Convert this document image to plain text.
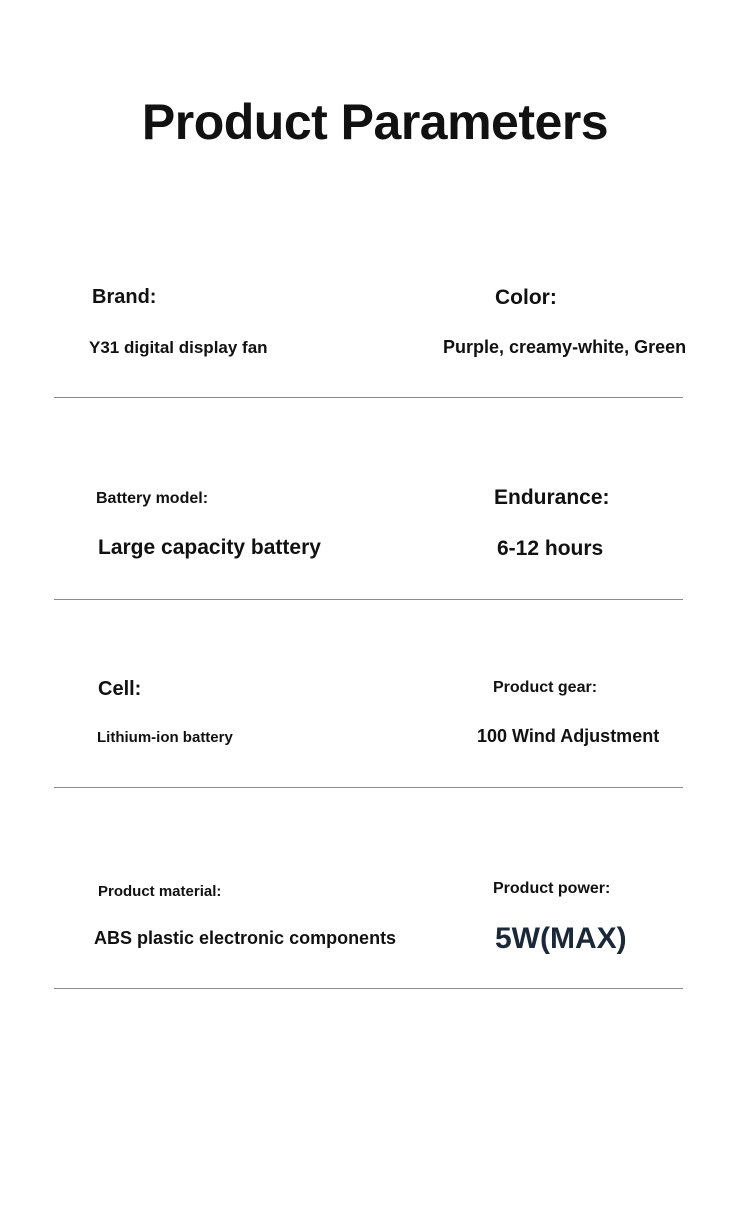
Product Parameters

Brand:

Y31 digital display fan

Color:

Purple, creamy-white, Green

Battery model:

Large capacity battery

Endurance:

6-12 hours

Cell:

Lithium-ion battery

Product gear:

100 Wind Adjustment

Product material:

ABS plastic electronic components

Product power:

5W(MAX)
